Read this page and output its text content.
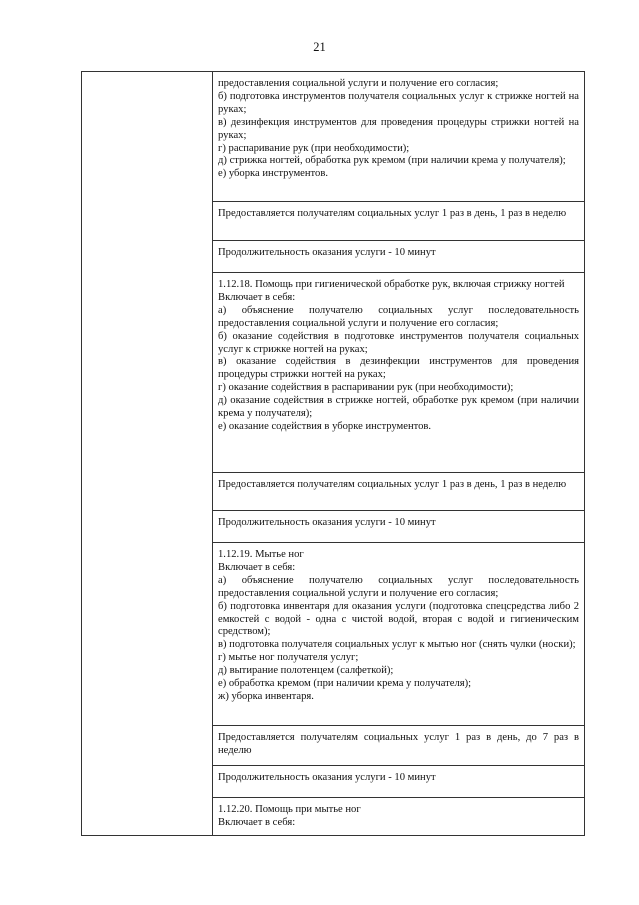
21

предоставления социальной услуги и получение его согласия;

б) подготовка инструментов получателя социальных услуг к стрижке ногтей на руках;

в) дезинфекция инструментов для проведения процедуры стрижки ногтей на руках;

г) распаривание рук (при необходимости);

д) стрижка ногтей, обработка рук кремом (при наличии крема у получателя);

е) уборка инструментов.

Предоставляется получателям социальных услуг 1 раз в день, 1 раз в неделю

Продолжительность оказания услуги - 10 минут

1.12.18. Помощь при гигиенической обработке рук, включая стрижку ногтей

Включает в себя:

а) объяснение получателю социальных услуг последовательность предоставления социальной услуги и получение его согласия;

б) оказание содействия в подготовке инструментов получателя социальных услуг к стрижке ногтей на руках;

в) оказание содействия в дезинфекции инструментов для проведения процедуры стрижки ногтей на руках;

г) оказание содействия в распаривании рук (при необходимости);

д) оказание содействия в стрижке ногтей, обработке рук кремом (при наличии крема у получателя);

е) оказание содействия в уборке инструментов.

Предоставляется получателям социальных услуг 1 раз в день, 1 раз в неделю

Продолжительность оказания услуги - 10 минут

1.12.19. Мытье ног

Включает в себя:

а) объяснение получателю социальных услуг последовательность предоставления социальной услуги и получение его согласия;

б) подготовка инвентаря для оказания услуги (подготовка спецсредства либо 2 емкостей с водой - одна с чистой водой, вторая с водой и гигиеническим средством);

в) подготовка получателя социальных услуг к мытью ног (снять чулки (носки);

г) мытье ног получателя услуг;

д) вытирание полотенцем (салфеткой);

е) обработка кремом (при наличии крема у получателя);

ж) уборка инвентаря.

Предоставляется получателям социальных услуг 1 раз в день, до 7 раз в неделю

Продолжительность оказания услуги - 10 минут

1.12.20. Помощь при мытье ног

Включает в себя:
